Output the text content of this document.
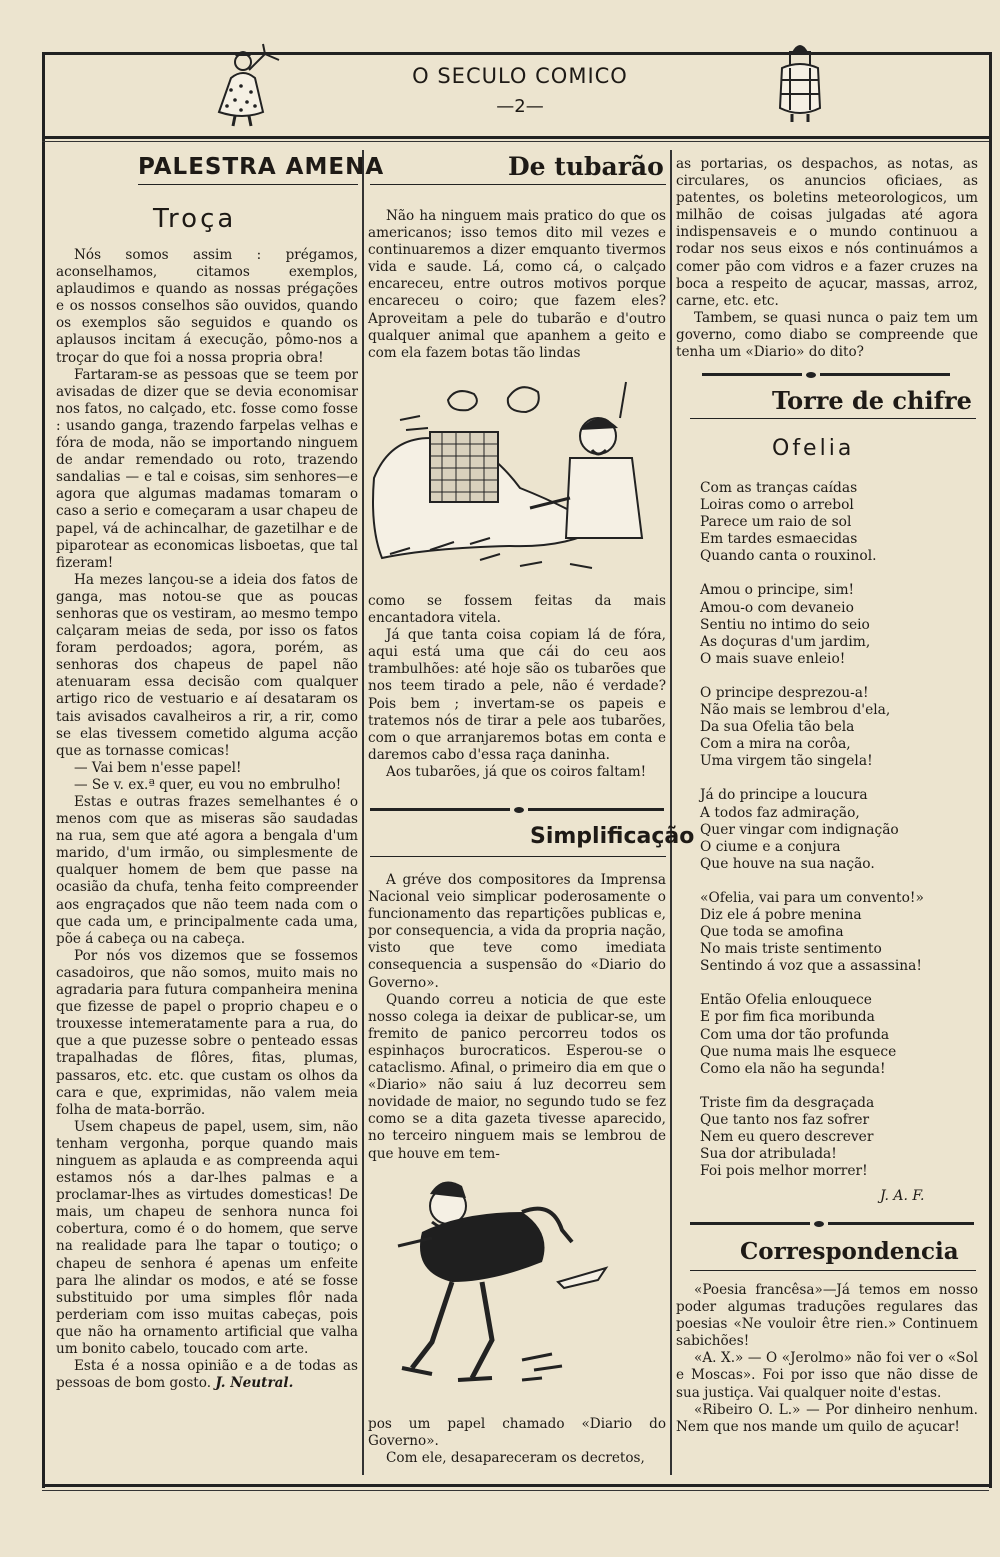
O SECULO COMICO
—2—
PALESTRA AMENA
Troça

Nós somos assim : prégamos, aconselhamos, citamos exemplos, aplaudimos e quando as nossas prégações e os nossos conselhos são ouvidos, quando os exemplos são seguidos e quando os aplausos incitam á execução, pômo-nos a troçar do que foi a nossa propria obra!

Fartaram-se as pessoas que se teem por avisadas de dizer que se devia economisar nos fatos, no calçado, etc. fosse como fosse : usando ganga, trazendo farpelas velhas e fóra de moda, não se importando ninguem de andar remendado ou roto, trazendo sandalias — e tal e coisas, sim senhores—e agora que algumas madamas tomaram o caso a serio e começaram a usar chapeu de papel, vá de achincalhar, de gazetilhar e de piparotear as economicas lisboetas, que tal fizeram!

Ha mezes lançou-se a ideia dos fatos de ganga, mas notou-se que as poucas senhoras que os vestiram, ao mesmo tempo calçaram meias de seda, por isso os fatos foram perdoados; agora, porém, as senhoras dos chapeus de papel não atenuaram essa decisão com qualquer artigo rico de vestuario e aí desataram os tais avisados cavalheiros a rir, a rir, como se elas tivessem cometido alguma acção que as tornasse comicas!

— Vai bem n'esse papel!

— Se v. ex.ª quer, eu vou no embrulho!

Estas e outras frazes semelhantes é o menos com que as miseras são saudadas na rua, sem que até agora a bengala d'um marido, d'um irmão, ou simplesmente de qualquer homem de bem que passe na ocasião da chufa, tenha feito compreender aos engraçados que não teem nada com o que cada um, e principalmente cada uma, põe á cabeça ou na cabeça.

Por nós vos dizemos que se fossemos casadoiros, que não somos, muito mais no agradaria para futura companheira menina que fizesse de papel o proprio chapeu e o trouxesse intemeratamente para a rua, do que a que puzesse sobre o penteado essas trapalhadas de flôres, fitas, plumas, passaros, etc. etc. que custam os olhos da cara e que, exprimidas, não valem meia folha de mata-borrão.

Usem chapeus de papel, usem, sim, não tenham vergonha, porque quando mais ninguem as aplauda e as compreenda aqui estamos nós a dar-lhes palmas e a proclamar-lhes as virtudes domesticas! De mais, um chapeu de senhora nunca foi cobertura, como é o do homem, que serve na realidade para lhe tapar o toutiço; o chapeu de senhora é apenas um enfeite para lhe alindar os modos, e até se fosse substituido por uma simples flôr nada perderiam com isso muitas cabeças, pois que não ha ornamento artificial que valha um bonito cabelo, toucado com arte.

Esta é a nossa opinião e a de todas as pessoas de bom gosto. J. Neutral.

De tubarão

Não ha ninguem mais pratico do que os americanos; isso temos dito mil vezes e continuaremos a dizer emquanto tivermos vida e saude. Lá, como cá, o calçado encareceu, entre outros motivos porque encareceu o coiro; que fazem eles? Aproveitam a pele do tubarão e d'outro qualquer animal que apanhem a geito e com ela fazem botas tão lindas

como se fossem feitas da mais encantadora vitela.

Já que tanta coisa copiam lá de fóra, aqui está uma que cái do ceu aos trambulhões: até hoje são os tubarões que nos teem tirado a pele, não é verdade? Pois bem ; invertam-se os papeis e tratemos nós de tirar a pele aos tubarões, com o que arranjaremos botas em conta e daremos cabo d'essa raça daninha.

Aos tubarões, já que os coiros faltam!

Simplificação

A gréve dos compositores da Imprensa Nacional veio simplicar poderosamente o funcionamento das repartições publicas e, por consequencia, a vida da propria nação, visto que teve como imediata consequencia a suspensão do «Diario do Governo».

Quando correu a noticia de que este nosso colega ia deixar de publicar-se, um fremito de panico percorreu todos os espinhaços burocraticos. Esperou-se o cataclismo. Afinal, o primeiro dia em que o «Diario» não saiu á luz decorreu sem novidade de maior, no segundo tudo se fez como se a dita gazeta tivesse aparecido, no terceiro ninguem mais se lembrou de que houve em tem-

pos um papel chamado «Diario do Governo».

Com ele, desapareceram os decretos,

as portarias, os despachos, as notas, as circulares, os anuncios oficiaes, as patentes, os boletins meteorologicos, um milhão de coisas julgadas até agora indispensaveis e o mundo continuou a rodar nos seus eixos e nós continuámos a comer pão com vidros e a fazer cruzes na boca a respeito de açucar, massas, arroz, carne, etc. etc.

Tambem, se quasi nunca o paiz tem um governo, como diabo se compreende que tenha um «Diario» do dito?

Torre de chifre
Ofelia
Com as tranças caídas
Loiras como o arrebol
Parece um raio de sol
Em tardes esmaecidas
Quando canta o rouxinol.
Amou o principe, sim!
Amou-o com devaneio
Sentiu no intimo do seio
As doçuras d'um jardim,
O mais suave enleio!
O principe desprezou-a!
Não mais se lembrou d'ela,
Da sua Ofelia tão bela
Com a mira na corôa,
Uma virgem tão singela!
Já do principe a loucura
A todos faz admiração,
Quer vingar com indignação
O ciume e a conjura
Que houve na sua nação.
«Ofelia, vai para um convento!»
Diz ele á pobre menina
Que toda se amofina
No mais triste sentimento
Sentindo á voz que a assassina!
Então Ofelia enlouquece
E por fim fica moribunda
Com uma dor tão profunda
Que numa mais lhe esquece
Como ela não ha segunda!
Triste fim da desgraçada
Que tanto nos faz sofrer
Nem eu quero descrever
Sua dor atribulada!
Foi pois melhor morrer!
J. A. F.
Correspondencia

«Poesia francêsa»—Já temos em nosso poder algumas traduções regulares das poesias «Ne vouloir être rien.» Continuem sabichões!

«A. X.» — O «Jerolmo» não foi ver o «Sol e Moscas». Foi por isso que não disse de sua justiça. Vai qualquer noite d'estas.

«Ribeiro O. L.» — Por dinheiro nenhum. Nem que nos mande um quilo de açucar!
